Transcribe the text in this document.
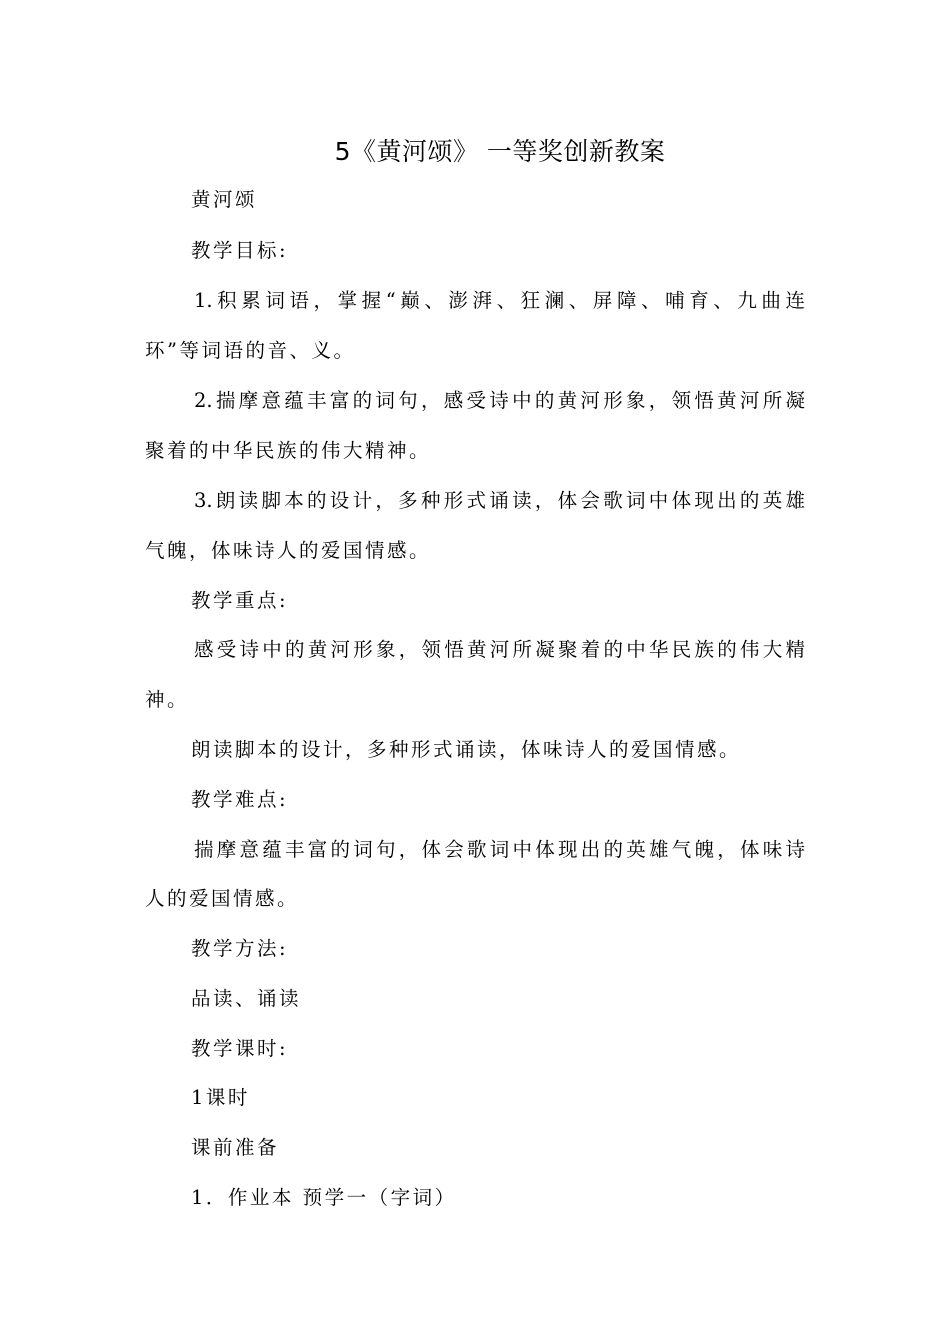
5《黄河颂》 一等奖创新教案
黄河颂
教学目标:
1.积累词语，掌握“巅、澎湃、狂澜、屏障、哺育、九曲连
环”等词语的音、义。
2.揣摩意蕴丰富的词句，感受诗中的黄河形象，领悟黄河所凝
聚着的中华民族的伟大精神。
3.朗读脚本的设计，多种形式诵读，体会歌词中体现出的英雄
气魄，体味诗人的爱国情感。
教学重点:
感受诗中的黄河形象，领悟黄河所凝聚着的中华民族的伟大精
神。
朗读脚本的设计，多种形式诵读，体味诗人的爱国情感。
教学难点:
揣摩意蕴丰富的词句，体会歌词中体现出的英雄气魄，体味诗
人的爱国情感。
教学方法:
品读、诵读
教学课时:
1课时
课前准备
1．作业本 预学一（字词）
